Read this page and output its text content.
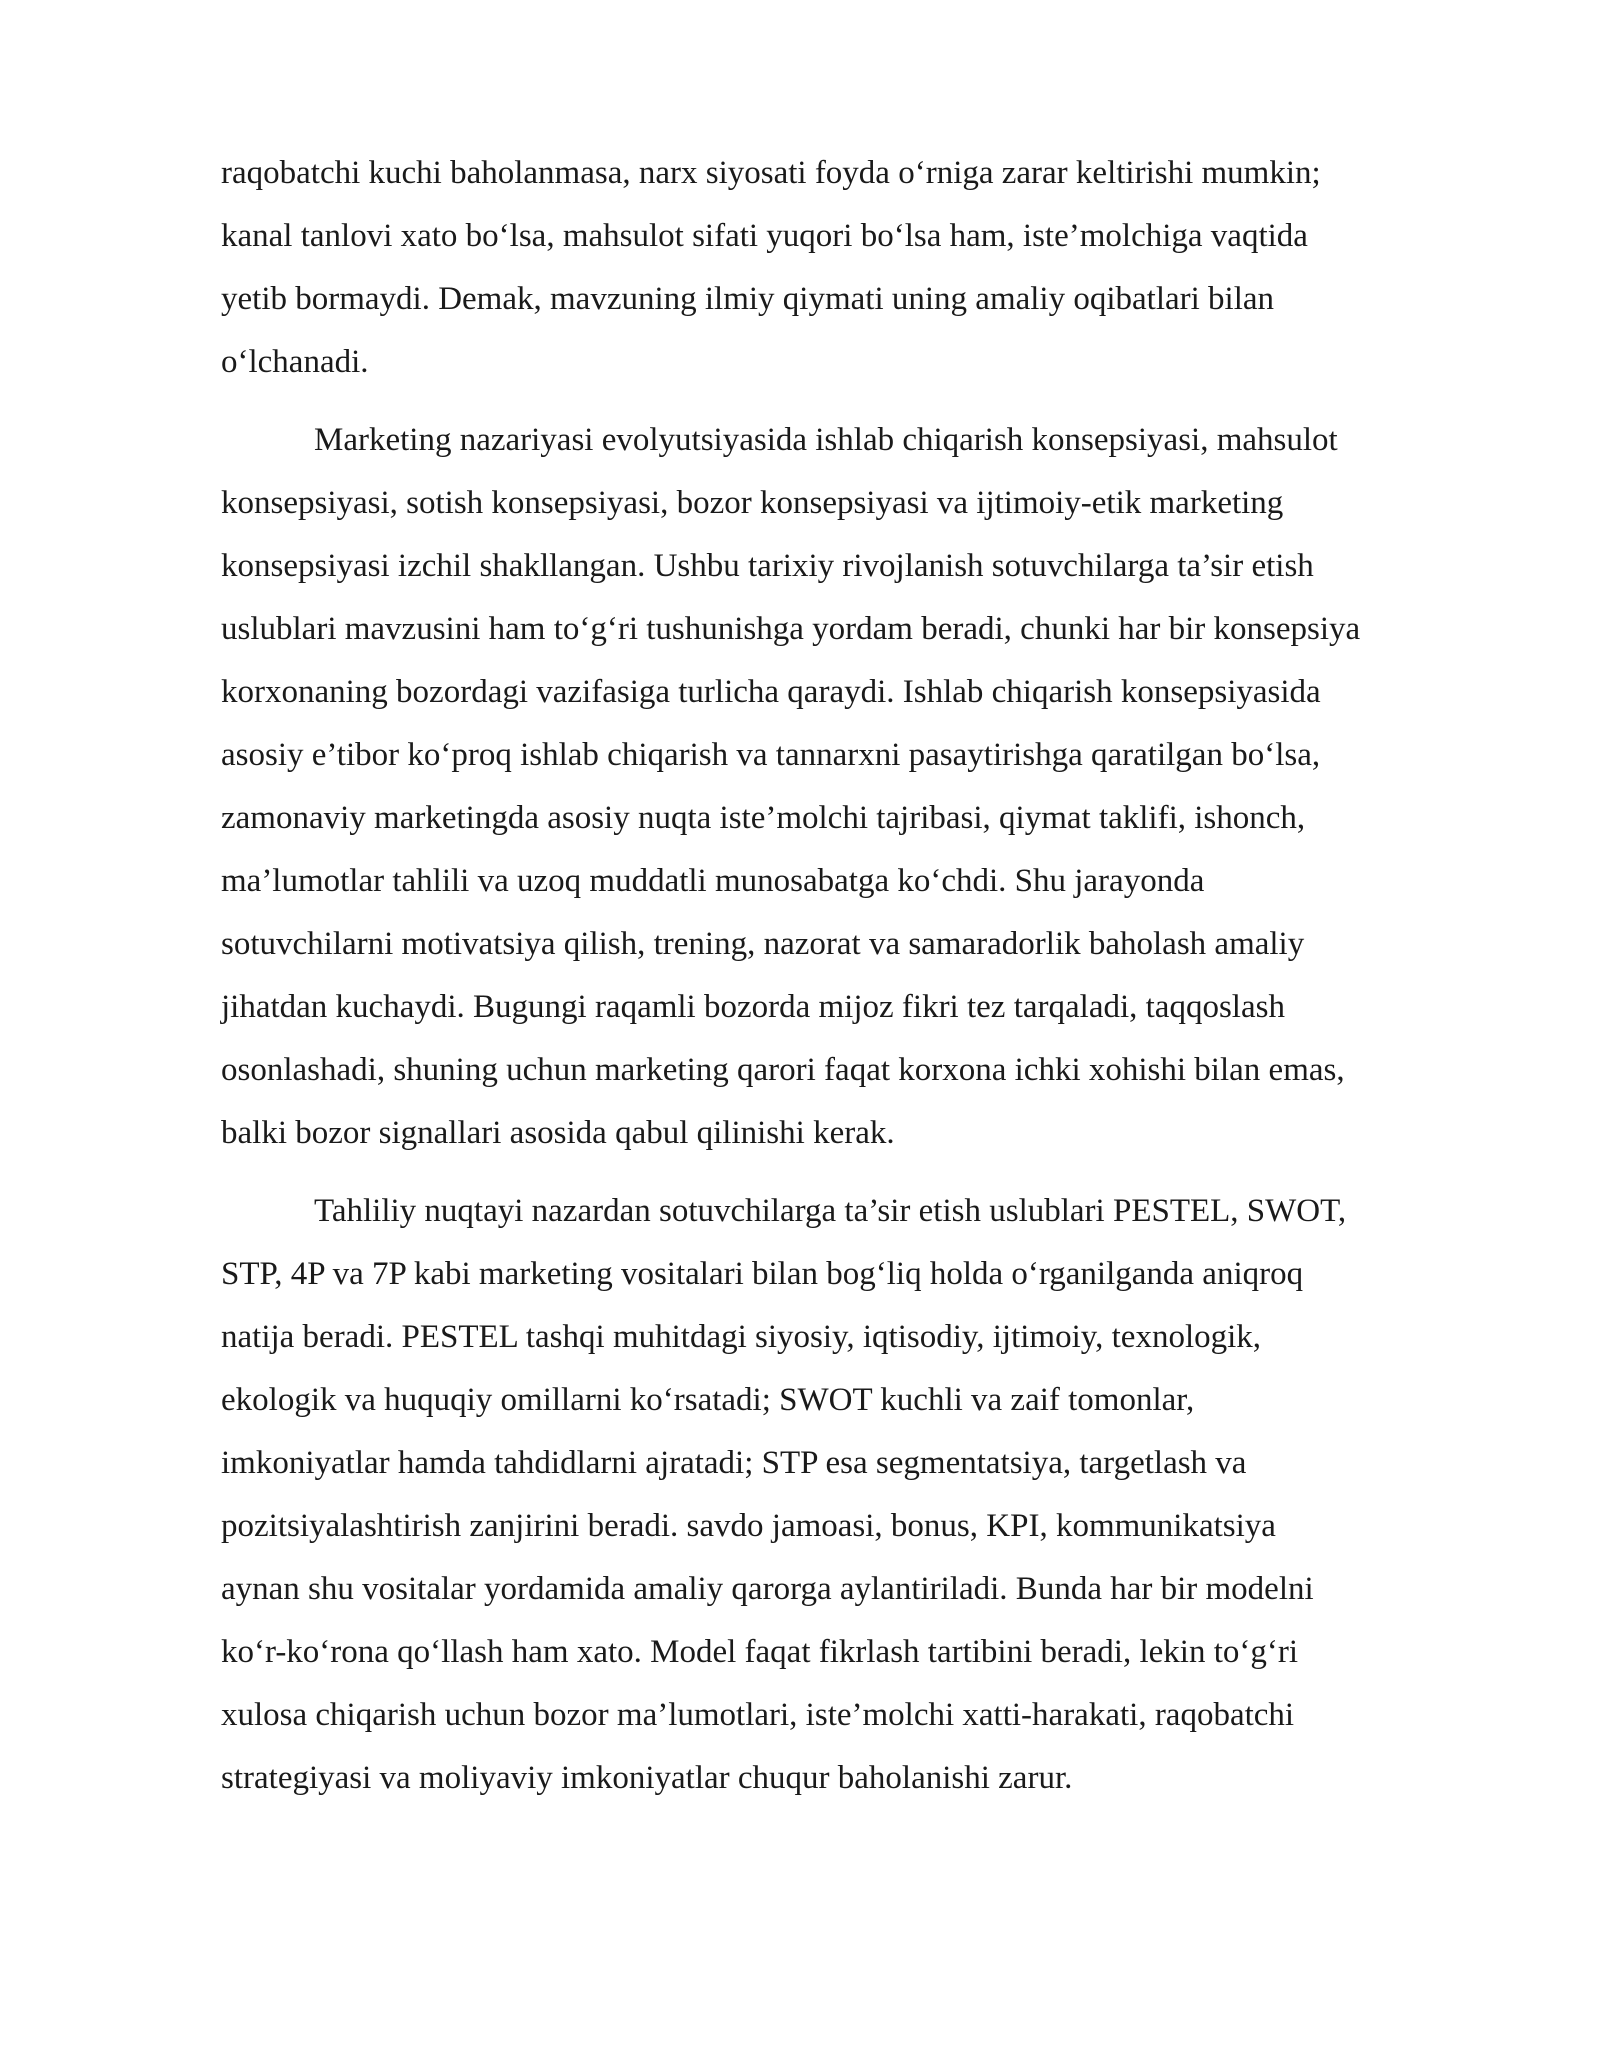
raqobatchi kuchi baholanmasa, narx siyosati foyda o‘rniga zarar keltirishi mumkin;
kanal tanlovi xato bo‘lsa, mahsulot sifati yuqori bo‘lsa ham, iste’molchiga vaqtida
yetib bormaydi. Demak, mavzuning ilmiy qiymati uning amaliy oqibatlari bilan
o‘lchanadi.
Marketing nazariyasi evolyutsiyasida ishlab chiqarish konsepsiyasi, mahsulot
konsepsiyasi, sotish konsepsiyasi, bozor konsepsiyasi va ijtimoiy-etik marketing
konsepsiyasi izchil shakllangan. Ushbu tarixiy rivojlanish sotuvchilarga ta’sir etish
uslublari mavzusini ham to‘g‘ri tushunishga yordam beradi, chunki har bir konsepsiya
korxonaning bozordagi vazifasiga turlicha qaraydi. Ishlab chiqarish konsepsiyasida
asosiy e’tibor ko‘proq ishlab chiqarish va tannarxni pasaytirishga qaratilgan bo‘lsa,
zamonaviy marketingda asosiy nuqta iste’molchi tajribasi, qiymat taklifi, ishonch,
ma’lumotlar tahlili va uzoq muddatli munosabatga ko‘chdi. Shu jarayonda
sotuvchilarni motivatsiya qilish, trening, nazorat va samaradorlik baholash amaliy
jihatdan kuchaydi. Bugungi raqamli bozorda mijoz fikri tez tarqaladi, taqqoslash
osonlashadi, shuning uchun marketing qarori faqat korxona ichki xohishi bilan emas,
balki bozor signallari asosida qabul qilinishi kerak.
Tahliliy nuqtayi nazardan sotuvchilarga ta’sir etish uslublari PESTEL, SWOT,
STP, 4P va 7P kabi marketing vositalari bilan bog‘liq holda o‘rganilganda aniqroq
natija beradi. PESTEL tashqi muhitdagi siyosiy, iqtisodiy, ijtimoiy, texnologik,
ekologik va huquqiy omillarni ko‘rsatadi; SWOT kuchli va zaif tomonlar,
imkoniyatlar hamda tahdidlarni ajratadi; STP esa segmentatsiya, targetlash va
pozitsiyalashtirish zanjirini beradi. savdo jamoasi, bonus, KPI, kommunikatsiya
aynan shu vositalar yordamida amaliy qarorga aylantiriladi. Bunda har bir modelni
ko‘r-ko‘rona qo‘llash ham xato. Model faqat fikrlash tartibini beradi, lekin to‘g‘ri
xulosa chiqarish uchun bozor ma’lumotlari, iste’molchi xatti-harakati, raqobatchi
strategiyasi va moliyaviy imkoniyatlar chuqur baholanishi zarur.
